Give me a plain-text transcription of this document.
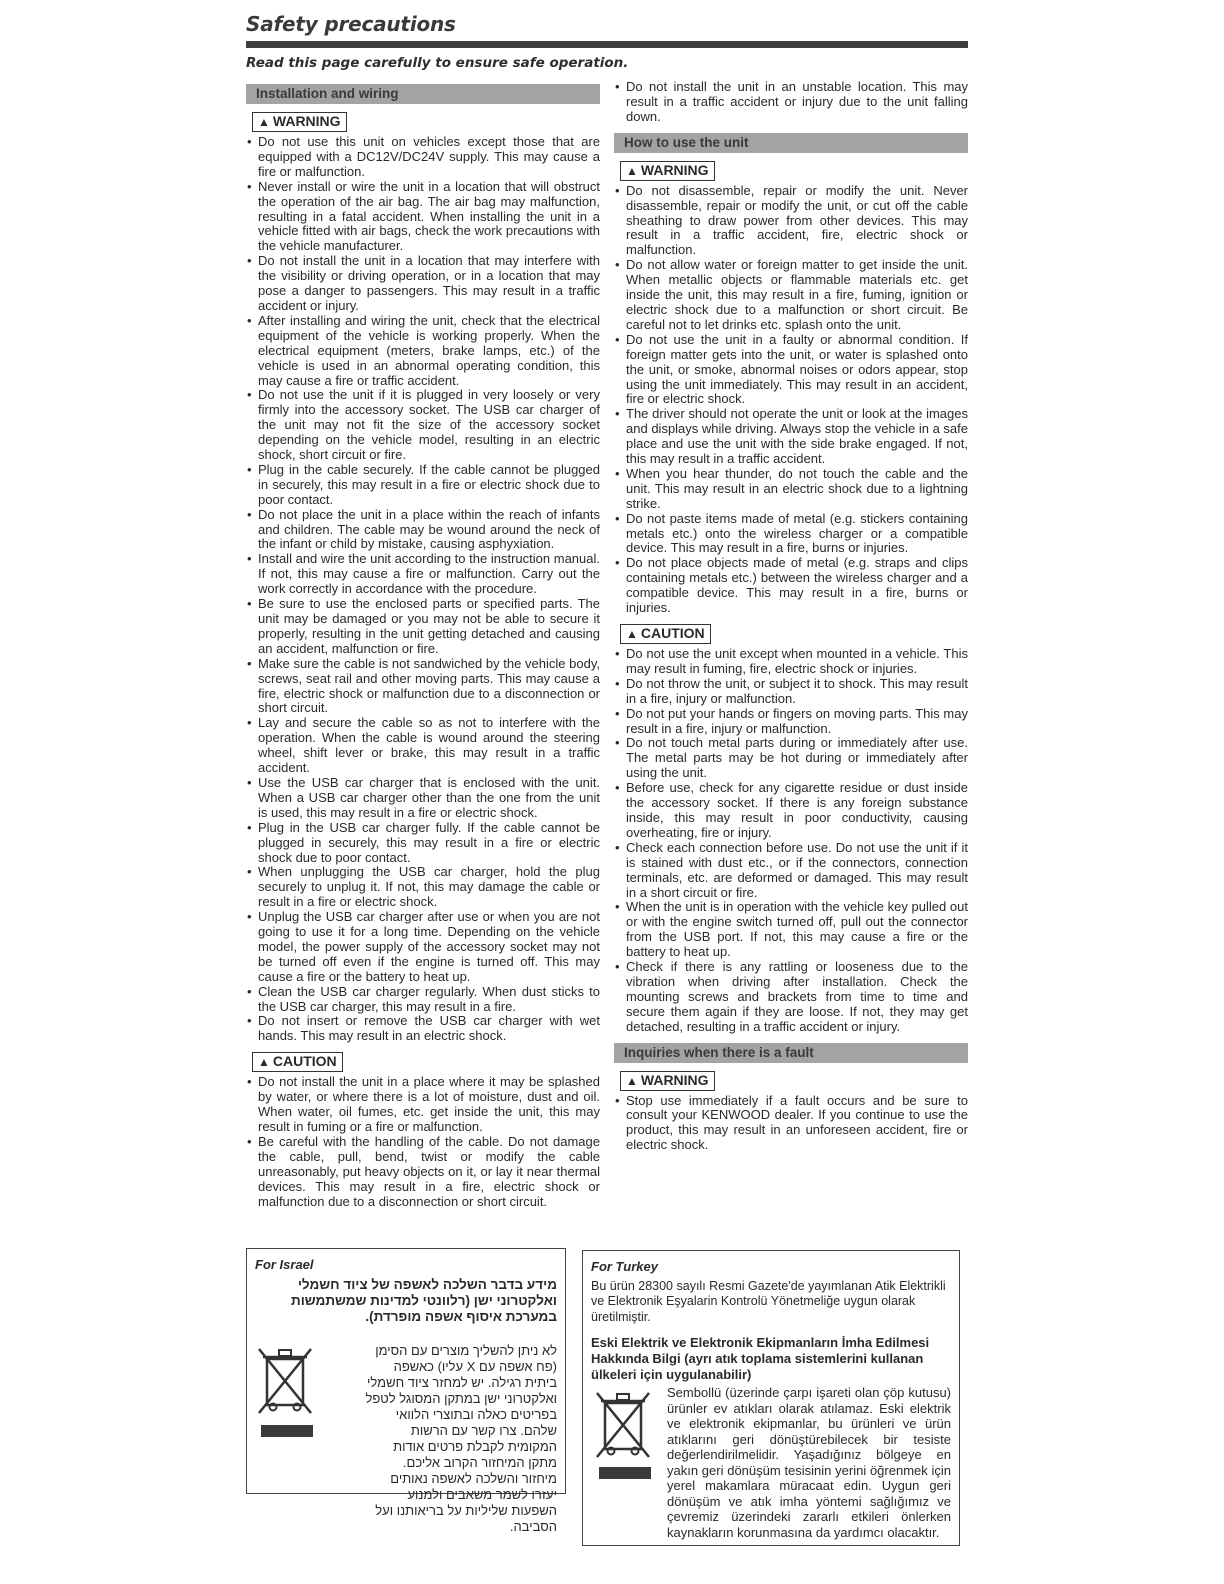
Safety precautions

Read this page carefully to ensure safe operation.

Installation and wiring
▲ WARNING
• Do not use this unit on vehicles except those that are equipped with a DC12V/DC24V supply. This may cause a fire or malfunction.
• Never install or wire the unit in a location that will obstruct the operation of the air bag. The air bag may malfunction, resulting in a fatal accident. When installing the unit in a vehicle fitted with air bags, check the work precautions with the vehicle manufacturer.
• Do not install the unit in a location that may interfere with the visibility or driving operation, or in a location that may pose a danger to passengers. This may result in a traffic accident or injury.
• After installing and wiring the unit, check that the electrical equipment of the vehicle is working properly. When the electrical equipment (meters, brake lamps, etc.) of the vehicle is used in an abnormal operating condition, this may cause a fire or traffic accident.
• Do not use the unit if it is plugged in very loosely or very firmly into the accessory socket. The USB car charger of the unit may not fit the size of the accessory socket depending on the vehicle model, resulting in an electric shock, short circuit or fire.
• Plug in the cable securely. If the cable cannot be plugged in securely, this may result in a fire or electric shock due to poor contact.
• Do not place the unit in a place within the reach of infants and children. The cable may be wound around the neck of the infant or child by mistake, causing asphyxiation.
• Install and wire the unit according to the instruction manual. If not, this may cause a fire or malfunction. Carry out the work correctly in accordance with the procedure.
• Be sure to use the enclosed parts or specified parts. The unit may be damaged or you may not be able to secure it properly, resulting in the unit getting detached and causing an accident, malfunction or fire.
• Make sure the cable is not sandwiched by the vehicle body, screws, seat rail and other moving parts. This may cause a fire, electric shock or malfunction due to a disconnection or short circuit.
• Lay and secure the cable so as not to interfere with the operation. When the cable is wound around the steering wheel, shift lever or brake, this may result in a traffic accident.
• Use the USB car charger that is enclosed with the unit. When a USB car charger other than the one from the unit is used, this may result in a fire or electric shock.
• Plug in the USB car charger fully. If the cable cannot be plugged in securely, this may result in a fire or electric shock due to poor contact.
• When unplugging the USB car charger, hold the plug securely to unplug it. If not, this may damage the cable or result in a fire or electric shock.
• Unplug the USB car charger after use or when you are not going to use it for a long time. Depending on the vehicle model, the power supply of the accessory socket may not be turned off even if the engine is turned off. This may cause a fire or the battery to heat up.
• Clean the USB car charger regularly. When dust sticks to the USB car charger, this may result in a fire.
• Do not insert or remove the USB car charger with wet hands. This may result in an electric shock.
▲ CAUTION
• Do not install the unit in a place where it may be splashed by water, or where there is a lot of moisture, dust and oil. When water, oil fumes, etc. get inside the unit, this may result in fuming or a fire or malfunction.
• Be careful with the handling of the cable. Do not damage the cable, pull, bend, twist or modify the cable unreasonably, put heavy objects on it, or lay it near thermal devices. This may result in a fire, electric shock or malfunction due to a disconnection or short circuit.
• Do not install the unit in an unstable location. This may result in a traffic accident or injury due to the unit falling down.
How to use the unit
▲ WARNING
• Do not disassemble, repair or modify the unit. Never disassemble, repair or modify the unit, or cut off the cable sheathing to draw power from other devices. This may result in a traffic accident, fire, electric shock or malfunction.
• Do not allow water or foreign matter to get inside the unit. When metallic objects or flammable materials etc. get inside the unit, this may result in a fire, fuming, ignition or electric shock due to a malfunction or short circuit. Be careful not to let drinks etc. splash onto the unit.
• Do not use the unit in a faulty or abnormal condition. If foreign matter gets into the unit, or water is splashed onto the unit, or smoke, abnormal noises or odors appear, stop using the unit immediately. This may result in an accident, fire or electric shock.
• The driver should not operate the unit or look at the images and displays while driving. Always stop the vehicle in a safe place and use the unit with the side brake engaged. If not, this may result in a traffic accident.
• When you hear thunder, do not touch the cable and the unit. This may result in an electric shock due to a lightning strike.
• Do not paste items made of metal (e.g. stickers containing metals etc.) onto the wireless charger or a compatible device. This may result in a fire, burns or injuries.
• Do not place objects made of metal (e.g. straps and clips containing metals etc.) between the wireless charger and a compatible device. This may result in a fire, burns or injuries.
▲ CAUTION
• Do not use the unit except when mounted in a vehicle. This may result in fuming, fire, electric shock or injuries.
• Do not throw the unit, or subject it to shock. This may result in a fire, injury or malfunction.
• Do not put your hands or fingers on moving parts. This may result in a fire, injury or malfunction.
• Do not touch metal parts during or immediately after use. The metal parts may be hot during or immediately after using the unit.
• Before use, check for any cigarette residue or dust inside the accessory socket. If there is any foreign substance inside, this may result in poor conductivity, causing overheating, fire or injury.
• Check each connection before use. Do not use the unit if it is stained with dust etc., or if the connectors, connection terminals, etc. are deformed or damaged. This may result in a short circuit or fire.
• When the unit is in operation with the vehicle key pulled out or with the engine switch turned off, pull out the connector from the USB port. If not, this may cause a fire or the battery to heat up.
• Check if there is any rattling or looseness due to the vibration when driving after installation. Check the mounting screws and brackets from time to time and secure them again if they are loose. If not, they may get detached, resulting in a traffic accident or injury.
Inquiries when there is a fault
▲ WARNING
• Stop use immediately if a fault occurs and be sure to consult your KENWOOD dealer. If you continue to use the product, this may result in an unforeseen accident, fire or electric shock.
For Israel
מידע בדבר השלכה לאשפה של ציוד חשמלי ואלקטרוני ישן (רלוונטי למדינות שמשתמשות במערכת איסוף אשפה מופרדת).
לא ניתן להשליך מוצרים עם הסימן (פח אשפה עם X עליו) כאשפה ביתית רגילה. יש למחזר ציוד חשמלי ואלקטרוני ישן במתקן המסוגל לטפל בפריטים כאלה ובתוצרי הלוואי שלהם. צרו קשר עם הרשות המקומית לקבלת פרטים אודות מתקן המיחזור הקרוב אליכם. מיחזור והשלכה לאשפה נאותים יעזרו לשמר משאבים ולמנוע השפעות שליליות על בריאותנו ועל הסביבה.
For Turkey
Bu ürün 28300 sayılı Resmi Gazete'de yayımlanan Atik Elektrikli ve Elektronik Eşyalarin Kontrolü Yönetmeliğe uygun olarak üretilmiştir.
Eski Elektrik ve Elektronik Ekipmanların İmha Edilmesi Hakkında Bilgi (ayrı atık toplama sistemlerini kullanan ülkeleri için uygulanabilir)
Sembollü (üzerinde çarpı işareti olan çöp kutusu) ürünler ev atıkları olarak atılamaz. Eski elektrik ve elektronik ekipmanlar, bu ürünleri ve ürün atıklarını geri dönüştürebilecek bir tesiste değerlendirilmelidir. Yaşadığınız bölgeye en yakın geri dönüşüm tesisinin yerini öğrenmek için yerel makamlara müracaat edin. Uygun geri dönüşüm ve atık imha yöntemi sağlığımız ve çevremiz üzerindeki zararlı etkileri önlerken kaynakların korunmasına da yardımcı olacaktır.
